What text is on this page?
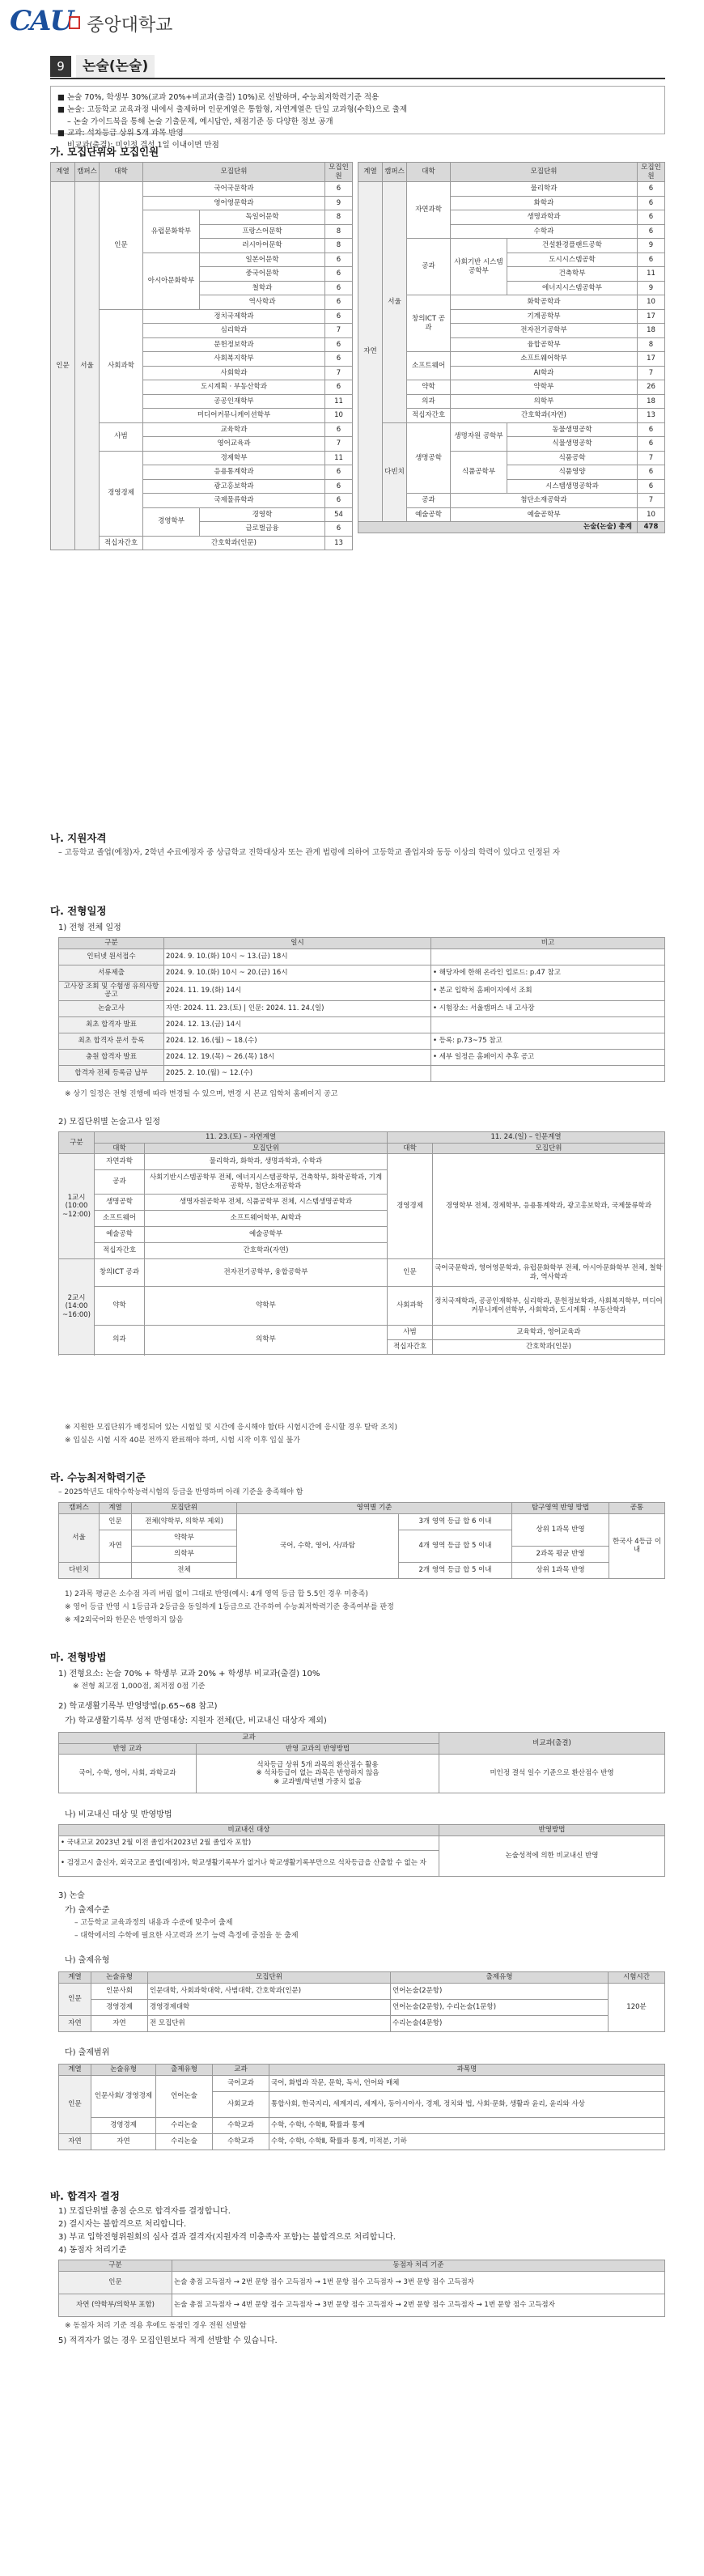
CAU 중앙대학교
9	논술(논술)
■ 논술 70%, 학생부 30%(교과 20%+비교과(출결) 10%)로 선발하며, 수능최저학력기준 적용
■ 논술: 고등학교 교육과정 내에서 출제하며 인문계열은 통합형, 자연계열은 단일 교과형(수학)으로 출제
– 논술 가이드북을 통해 논술 기출문제, 예시답안, 채점기준 등 다양한 정보 공개
■ 교과: 석차등급 상위 5개 과목 반영
비교과(출결): 미인정 결석 1일 이내이면 만점
가. 모집단위와 모집인원
계열	캠퍼스	대학	모집단위		모집인원
인문	서울	인문	국어국문학과		6
			영어영문학과		9
			유럽문화학부	독일어문학	8
				프랑스어문학	8
				러시아어문학	8
			아시아문화학부	일본어문학	6
				중국어문학	6
				철학과	6
				역사학과	6
		사회과학	정치국제학과		6
			심리학과		7
			문헌정보학과		6
			사회복지학부		6
			사회학과		7
			도시계획 · 부동산학과		6
			공공인재학부		11
			미디어커뮤니케이션학부		10
		사범	교육학과		6
			영어교육과		7
		경영경제	경제학부		11
			응용통계학과		6
			광고홍보학과		6
			국제물류학과		6
			경영학부	경영학	54
				글로벌금융	6
		적십자간호	간호학과(인문)		13
계열	캠퍼스	대학	모집단위		모집인원
자연	서울	자연과학	물리학과		6
			화학과		6
			생명과학과		6
			수학과		6
		공과	사회기반 시스템공학부	건설환경플랜트공학	9
				도시시스템공학	6
				건축학부	11
				에너지시스템공학부	9
		창의ICT 공과	화학공학과		10
			기계공학부		17
			전자전기공학부		18
			융합공학부		8
		소프트웨어	소프트웨어학부		17
			AI학과		7
		약학	약학부		26
		의과	의학부		18
		적십자간호	간호학과(자연)		13
	다빈치	생명공학	생명자원 공학부	동물생명공학	6
				식물생명공학	6
			식품공학부	식품공학	7
				식품영양	6
				시스템생명공학과	6
		공과	첨단소재공학과		7
		예술공학	예술공학부		10
논술(논술) 총계					478
나. 지원자격
– 고등학교 졸업(예정)자, 2학년 수료예정자 중 상급학교 진학대상자 또는 관계 법령에 의하여 고등학교 졸업자와 동등 이상의 학력이 있다고 인정된 자
다. 전형일정
1) 전형 전체 일정
구분	일시	비고
인터넷 원서접수	2024. 9. 10.(화) 10시 ~ 13.(금) 18시	
서류제출	2024. 9. 10.(화) 10시 ~ 20.(금) 16시	• 해당자에 한해 온라인 업로드: p.47 참고
고사장 조회 및 수험생 유의사항 공고	2024. 11. 19.(화) 14시	• 본교 입학처 홈페이지에서 조회
논술고사	자연: 2024. 11. 23.(토) | 인문: 2024. 11. 24.(일)	• 시험장소: 서울캠퍼스 내 고사장
최초 합격자 발표	2024. 12. 13.(금) 14시	
최초 합격자 문서 등록	2024. 12. 16.(월) ~ 18.(수)	• 등록: p.73~75 참고
충원 합격자 발표	2024. 12. 19.(목) ~ 26.(목) 18시	• 세부 일정은 홈페이지 추후 공고
합격자 전체 등록금 납부	2025. 2. 10.(월) ~ 12.(수)	
※ 상기 일정은 전형 진행에 따라 변경될 수 있으며, 변경 시 본교 입학처 홈페이지 공고
2) 모집단위별 논술고사 일정
구분	11. 23.(토) – 자연계열		11. 24.(일) – 인문계열	
	대학	모집단위	대학	모집단위
1교시 (10:00 ~12:00)	자연과학	물리학과, 화학과, 생명과학과, 수학과	경영경제	경영학부 전체, 경제학부, 응용통계학과, 광고홍보학과, 국제물류학과
	공과	사회기반시스템공학부 전체, 에너지시스템공학부, 건축학부, 화학공학과, 기계공학부, 첨단소재공학과		
	생명공학	생명자원공학부 전체, 식품공학부 전체, 시스템생명공학과		
	소프트웨어	소프트웨어학부, AI학과		
	예술공학	예술공학부		
	적십자간호	간호학과(자연)		
2교시 (14:00 ~16:00)	창의ICT 공과	전자전기공학부, 융합공학부	인문	국어국문학과, 영어영문학과, 유럽문화학부 전체, 아시아문화학부 전체, 철학과, 역사학과
	약학	약학부	사회과학	정치국제학과, 공공인재학부, 심리학과, 문헌정보학과, 사회복지학부, 미디어커뮤니케이션학부, 사회학과, 도시계획 · 부동산학과
	의과	의학부	사범	교육학과, 영어교육과
			적십자간호	간호학과(인문)

※ 지원한 모집단위가 배정되어 있는 시험일 및 시간에 응시해야 함(타 시험시간에 응시할 경우 탈락 조치)
※ 입실은 시험 시작 40분 전까지 완료해야 하며, 시험 시작 이후 입실 불가
라. 수능최저학력기준
– 2025학년도 대학수학능력시험의 등급을 반영하며 아래 기준을 충족해야 함
캠퍼스	계열	모집단위	영역별 기준		탐구영역 반영 방법	공통
서울	인문	전체(약학부, 의학부 제외)	국어, 수학, 영어, 사/과탐	3개 영역 등급 합 6 이내	상위 1과목 반영	한국사 4등급 이내
	자연	약학부		4개 영역 등급 합 5 이내		
		의학부			2과목 평균 반영	
다빈치		전체		2개 영역 등급 합 5 이내	상위 1과목 반영	
1) 2과목 평균은 소수점 자리 버림 없이 그대로 반영(예시: 4개 영역 등급 합 5.5인 경우 미충족)
※ 영어 등급 반영 시 1등급과 2등급을 동일하게 1등급으로 간주하여 수능최저학력기준 충족여부를 판정
※ 제2외국어와 한문은 반영하지 않음
마. 전형방법
1) 전형요소: 논술 70% + 학생부 교과 20% + 학생부 비교과(출결) 10%
※ 전형 최고점 1,000점, 최저점 0점 기준
2) 학교생활기록부 반영방법(p.65~68 참고)
가) 학교생활기록부 성적 반영대상: 지원자 전체(단, 비교내신 대상자 제외)
교과		비교과(출결)
반영 교과	반영 교과의 반영방법	
국어, 수학, 영어, 사회, 과학교과	석차등급 상위 5개 과목의 환산점수 활용
※ 석차등급이 없는 과목은 반영하지 않음
※ 교과별/학년별 가중치 없음	미인정 결석 일수 기준으로 환산점수 반영
나) 비교내신 대상 및 반영방법
비교내신 대상	반영방법
• 국내고교 2023년 2월 이전 졸업자(2023년 2월 졸업자 포함)	논술성적에 의한 비교내신 반영
• 검정고시 출신자, 외국고교 졸업(예정)자, 학교생활기록부가 없거나 학교생활기록부만으로 석차등급을 산출할 수 없는 자	
3) 논술
가) 출제수준
– 고등학교 교육과정의 내용과 수준에 맞추어 출제
– 대학에서의 수학에 필요한 사고력과 쓰기 능력 측정에 중점을 둔 출제
나) 출제유형
계열	논술유형	모집단위	출제유형	시험시간
인문	인문사회	인문대학, 사회과학대학, 사범대학, 간호학과(인문)	언어논술(2문항)	120분
	경영경제	경영경제대학	언어논술(2문항), 수리논술(1문항)	
자연	자연	전 모집단위	수리논술(4문항)	
다) 출제범위
계열	논술유형	출제유형	교과	과목명
인문	인문사회/ 경영경제	언어논술	국어교과	국어, 화법과 작문, 문학, 독서, 언어와 매체
			사회교과	통합사회, 한국지리, 세계지리, 세계사, 동아시아사, 경제, 정치와 법, 사회·문화, 생활과 윤리, 윤리와 사상
	경영경제	수리논술	수학교과	수학, 수학Ⅰ, 수학Ⅱ, 확률과 통계
자연	자연	수리논술	수학교과	수학, 수학Ⅰ, 수학Ⅱ, 확률과 통계, 미적분, 기하
바. 합격자 결정
1) 모집단위별 총점 순으로 합격자를 결정합니다.
2) 결시자는 불합격으로 처리합니다.
3) 부교 입학전형위원회의 심사 결과 결격자(지원자격 미충족자 포함)는 불합격으로 처리합니다.
4) 동점자 처리기준
구분	동점자 처리 기준
인문	논술 총점 고득점자 → 2번 문항 점수 고득점자 → 1번 문항 점수 고득점자 → 3번 문항 점수 고득점자
자연 (약학부/의학부 포함)	논술 총점 고득점자 → 4번 문항 점수 고득점자 → 3번 문항 점수 고득점자 → 2번 문항 점수 고득점자 → 1번 문항 점수 고득점자
※ 동점자 처리 기준 적용 후에도 동점인 경우 전원 선발함
5) 적격자가 없는 경우 모집인원보다 적게 선발할 수 있습니다.
